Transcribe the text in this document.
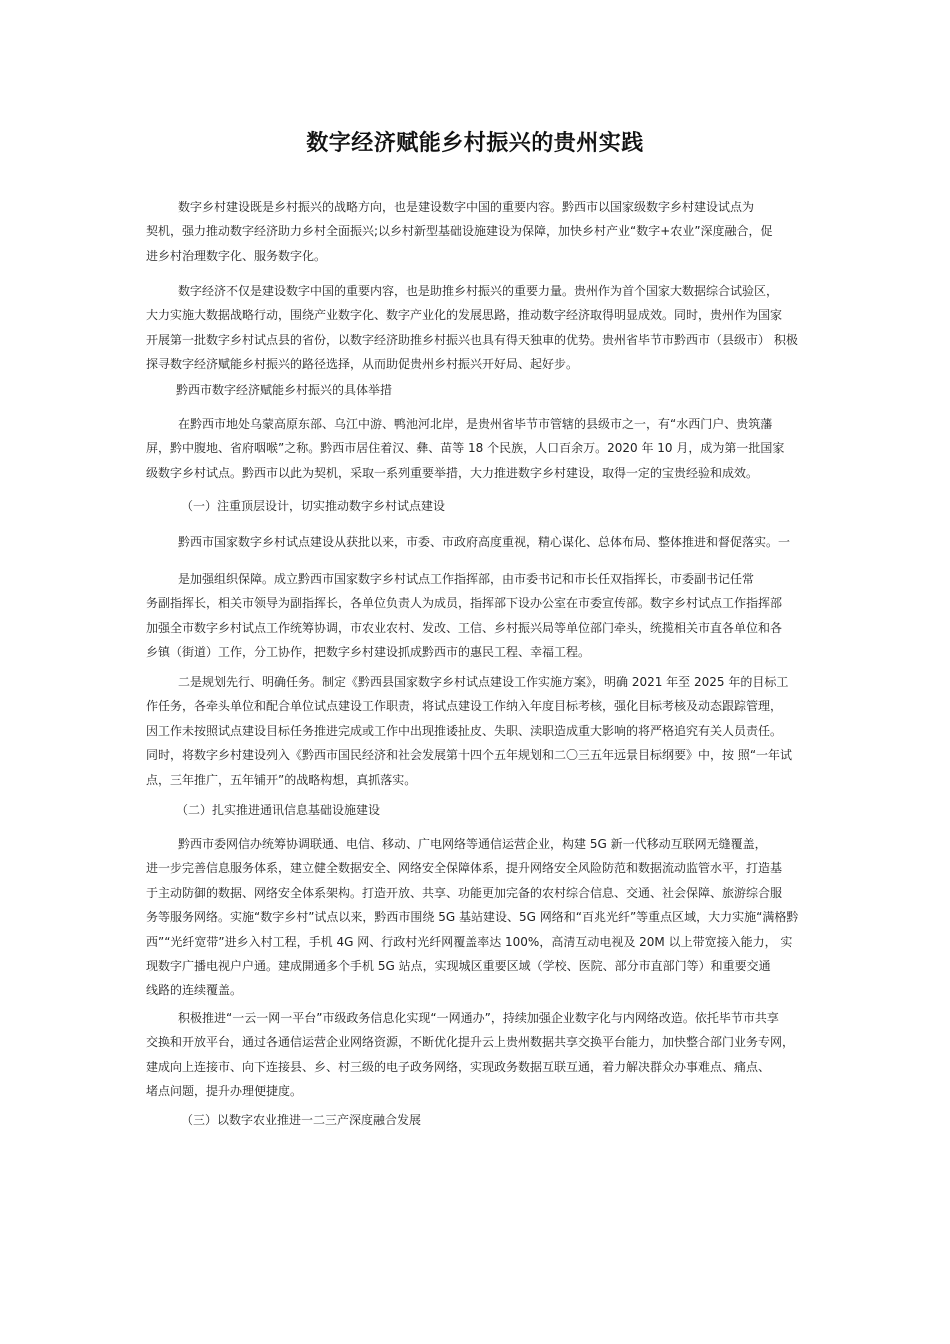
数字经济赋能乡村振兴的贵州实践
数字乡村建设既是乡村振兴的战略方向，也是建设数字中国的重要内容。黔西市以国家级数字乡村建设试点为
契机，强力推动数字经济助力乡村全面振兴;以乡村新型基础设施建设为保障，加快乡村产业“数字+农业”深度融合，促
进乡村治理数字化、服务数字化。
数字经济不仅是建设数字中国的重要内容，也是助推乡村振兴的重要力量。贵州作为首个国家大数据综合试验区，
大力实施大数据战略行动，围绕产业数字化、数字产业化的发展思路，推动数字经济取得明显成效。同时，贵州作为国家
开展第一批数字乡村试点县的省份，以数字经济助推乡村振兴也具有得天独⾞的优势。贵州省毕节市黔西市（县级市） 积极
探寻数字经济赋能乡村振兴的路径选择，从而助促贵州乡村振兴开好局、起好步。
黔西市数字经济赋能乡村振兴的具体举措
在黔西市地处乌蒙高原东部、乌江中游、鸭池河北岸，是贵州省毕节市管辖的县级市之一，有“水西门户、贵筑藩
屏，黔中腹地、省府咽喉”之称。黔西市居住着汉、彝、苗等 18 个民族，人口百余万。2020 年 10 月，成为第一批国家
级数字乡村试点。黔西市以此为契机，采取一系列重要举措，大力推进数字乡村建设，取得一定的宝贵经验和成效。
（一）注重顶层设计，切实推动数字乡村试点建设
黔西市国家数字乡村试点建设从获批以来，市委、市政府高度重视，精心谋化、总体布局、整体推进和督促落实。一
是加强组织保障。成立黔西市国家数字乡村试点工作指挥部，由市委书记和市长任双指挥长，市委副书记任常
务副指挥长，相关市领导为副指挥长，各单位负责人为成员，指挥部下设办公室在市委宣传部。数字乡村试点工作指挥部
加强全市数字乡村试点工作统筹协调，市农业农村、发改、工信、乡村振兴局等单位部门牵头，统揽相关市直各单位和各
乡镇（街道）工作，分工协作，把数字乡村建设抓成黔西市的惠民工程、幸福工程。
二是规划先行、明确任务。制定《黔西县国家数字乡村试点建设工作实施方案》，明确 2021 年至 2025 年的目标工
作任务，各牵头单位和配合单位试点建设工作职责，将试点建设工作纳入年度目标考核，强化目标考核及动态跟踪管理，
因工作未按照试点建设目标任务推进完成或工作中出现推诿扯皮、失职、渎职造成重大影响的将严格追究有关人员责任。
同时，将数字乡村建设列入《黔西市国民经济和社会发展第十四个五年规划和二〇三五年远景目标纲要》中，按 照“一年试
点，三年推广，五年铺开”的战略构想，真抓落实。
（二）扎实推进通讯信息基础设施建设
黔西市委网信办统筹协调联通、电信、移动、广电网络等通信运营企业，构建 5G 新一代移动互联网无缝覆盖，
进一步完善信息服务体系，建立健全数据安全、网络安全保障体系，提升网络安全风险防范和数据流动监管水平，打造基
于主动防御的数据、网络安全体系架构。打造开放、共享、功能更加完备的农村综合信息、交通、社会保障、旅游综合服
务等服务网络。实施“数字乡村”试点以来，黔西市围绕 5G 基站建设、5G 网络和“百兆光纤”等重点区域，大力实施“满格黔
西”“光纤宽带”进乡入村工程，手机 4G 网、行政村光纤网覆盖率达 100%，高清互动电视及 20M 以上带宽接入能力， 实
现数字广播电视户户通。建成開通多个手机 5G 站点，实现城区重要区域（学校、医院、部分市直部门等）和重要交通
线路的连续覆盖。
积极推进“一云一网一平台”市级政务信息化实现“一网通办”，持续加强企业数字化与内网络改造。依托毕节市共享
交换和开放平台，通过各通信运营企业网络资源，不断优化提升云上贵州数据共享交换平台能力，加快整合部门业务专网，
建成向上连接市、向下连接县、乡、村三级的电子政务网络，实现政务数据互联互通，着力解决群众办事难点、痛点、
堵点问题，提升办理便捷度。
（三）以数字农业推进一二三产深度融合发展
